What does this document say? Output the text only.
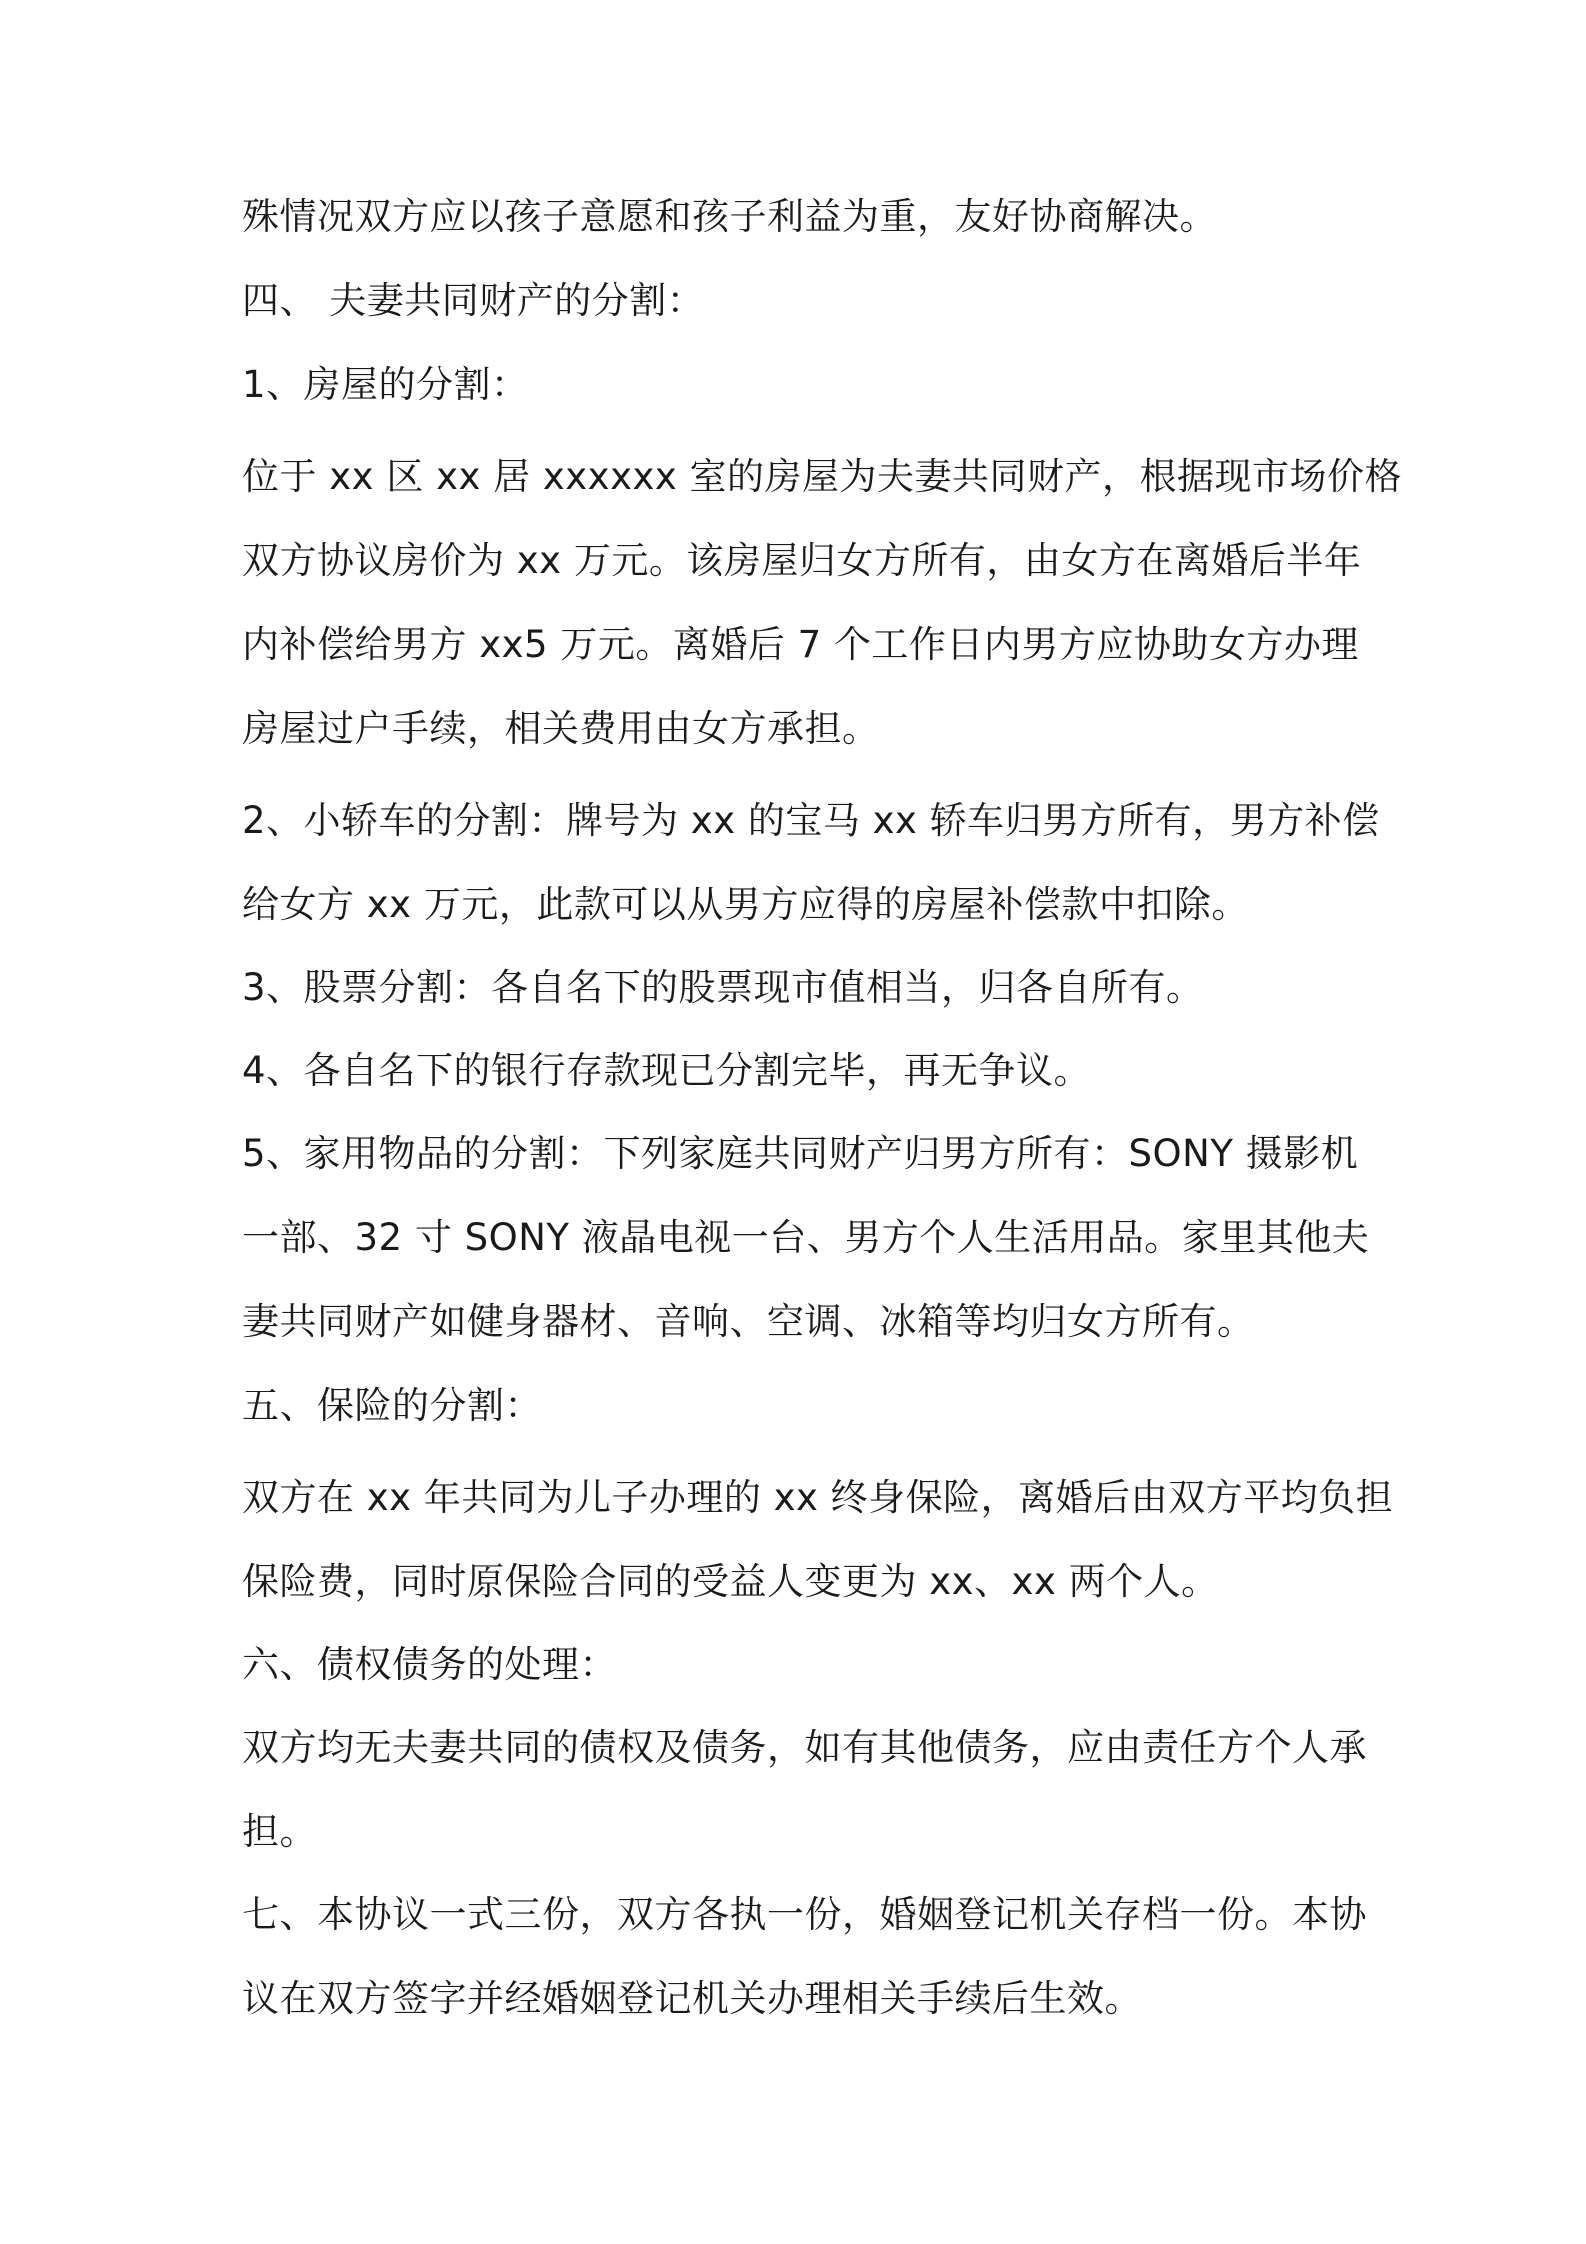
殊情况双方应以孩子意愿和孩子利益为重，友好协商解决。

四、 夫妻共同财产的分割：

1、房屋的分割：

位于 xx 区 xx 居 xxxxxx 室的房屋为夫妻共同财产，根据现市场价格

双方协议房价为 xx 万元。该房屋归女方所有，由女方在离婚后半年

内补偿给男方 xx5 万元。离婚后 7 个工作日内男方应协助女方办理

房屋过户手续，相关费用由女方承担。

2、小轿车的分割：牌号为 xx 的宝马 xx 轿车归男方所有，男方补偿

给女方 xx 万元，此款可以从男方应得的房屋补偿款中扣除。

3、股票分割：各自名下的股票现市值相当，归各自所有。

4、各自名下的银行存款现已分割完毕，再无争议。

5、家用物品的分割：下列家庭共同财产归男方所有：SONY 摄影机

一部、32 寸 SONY 液晶电视一台、男方个人生活用品。家里其他夫

妻共同财产如健身器材、音响、空调、冰箱等均归女方所有。

五、保险的分割：

双方在 xx 年共同为儿子办理的 xx 终身保险，离婚后由双方平均负担

保险费，同时原保险合同的受益人变更为 xx、xx 两个人。

六、债权债务的处理：

双方均无夫妻共同的债权及债务，如有其他债务，应由责任方个人承

担。

七、本协议一式三份，双方各执一份，婚姻登记机关存档一份。本协

议在双方签字并经婚姻登记机关办理相关手续后生效。
